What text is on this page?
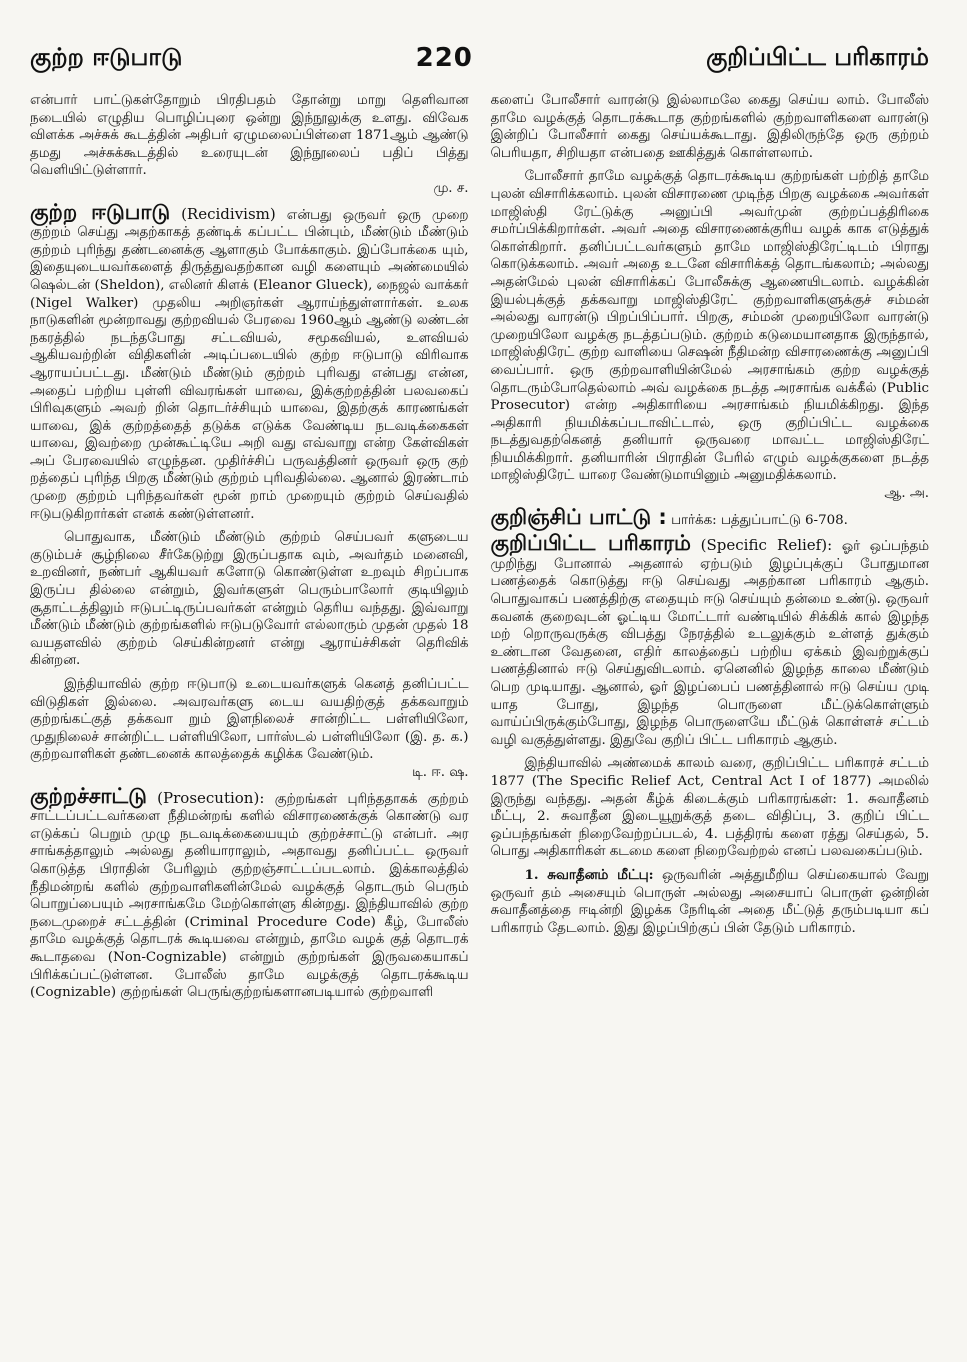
குற்ற ஈடுபாடு	220	குறிப்பிட்ட பரிகாரம்

என்பார் பாட்டுகள்தோறும் பிரதிபதம் தோன்று மாறு தெளிவான நடையில் எழுதிய பொழிப்புரை ஒன்று இந்நூலுக்கு உளது. விவேக விளக்க அச்சுக் கூடத்தின் அதிபர் ஏழுமலைப்பிள்ளை 1871ஆம் ஆண்டு தமது அச்சுக்கூடத்தில் உரையுடன் இந்நூலைப் பதிப் பித்து வெளியிட்டுள்ளார்.
மு. ச.

குற்ற ஈடுபாடு (Recidivism) என்பது ஒருவர் ஒரு முறை குற்றம் செய்து அதற்காகத் தண்டிக் கப்பட்ட பின்பும், மீண்டும் மீண்டும் குற்றம் புரிந்து தண்டனைக்கு ஆளாகும் போக்காகும். இப்போக்கை யும், இதையுடையவர்களைத் திருத்துவதற்கான வழி களையும் அண்மையில் ஷெல்டன் (Sheldon), எலினர் கிளக் (Eleanor Glueck), நைஜல் வாக்கர் (Nigel Walker) முதலிய அறிஞர்கள் ஆராய்ந்துள்ளார்கள். உலக நாடுகளின் மூன்றாவது குற்றவியல் பேரவை 1960ஆம் ஆண்டு லண்டன் நகரத்தில் நடந்தபோது சட்டவியல், சமூகவியல், உளவியல் ஆகியவற்றின் விதிகளின் அடிப்படையில் குற்ற ஈடுபாடு விரிவாக ஆராயப்பட்டது. மீண்டும் மீண்டும் குற்றம் புரிவது என்பது என்ன, அதைப் பற்றிய புள்ளி விவரங்கள் யாவை, இக்குற்றத்தின் பலவகைப் பிரிவுகளும் அவற் றின் தொடர்ச்சியும் யாவை, இதற்குக் காரணங்கள் யாவை, இக் குற்றத்தைத் தடுக்க எடுக்க வேண்டிய நடவடிக்கைகள் யாவை, இவற்றை முன்கூட்டியே அறி வது எவ்வாறு என்ற கேள்விகள் அப் பேரவையில் எழுந்தன. முதிர்ச்சிப் பருவத்தினர் ஒருவர் ஒரு குற் றத்தைப் புரிந்த பிறகு மீண்டும் குற்றம் புரிவதில்லை. ஆனால் இரண்டாம் முறை குற்றம் புரிந்தவர்கள் மூன் றாம் முறையும் குற்றம் செய்வதில் ஈடுபடுகிறார்கள் எனக் கண்டுள்ளனர்.

பொதுவாக, மீண்டும் மீண்டும் குற்றம் செய்பவர் களுடைய குடும்பச் சூழ்நிலை சீர்கேடுற்று இருப்பதாக வும், அவர்தம் மனைவி, உறவினர், நண்பர் ஆகியவர் களோடு கொண்டுள்ள உறவும் சிறப்பாக இருப்ப தில்லை என்றும், இவர்களுள் பெரும்பாலோர் குடியிலும் சூதாட்டத்திலும் ஈடுபட்டிருப்பவர்கள் என்றும் தெரிய வந்தது. இவ்வாறு மீண்டும் மீண்டும் குற்றங்களில் ஈடுபடுவோர் எல்லாரும் முதன் முதல் 18 வயதளவில் குற்றம் செய்கின்றனர் என்று ஆராய்ச்சிகள் தெரிவிக் கின்றன.

இந்தியாவில் குற்ற ஈடுபாடு உடையவர்களுக் கெனத் தனிப்பட்ட விடுதிகள் இல்லை. அவரவர்களு டைய வயதிற்குத் தக்கவாறும் குற்றங்கட்குத் தக்கவா றும் இளநிலைச் சான்றிட்ட பள்ளியிலோ, முதுநிலைச் சான்றிட்ட பள்ளியிலோ, பார்ஸ்டல் பள்ளியிலோ (இ. த. க.) குற்றவாளிகள் தண்டனைக் காலத்தைக் கழிக்க வேண்டும்.
டி. ஈ. ஷ.

குற்றச்சாட்டு (Prosecution): குற்றங்கள் புரிந்ததாகக் குற்றம் சாட்டப்பட்டவர்களை நீதிமன்றங் களில் விசாரணைக்குக் கொண்டு வர எடுக்கப் பெறும் முழு நடவடிக்கையையும் குற்றச்சாட்டு என்பர். அர சாங்கத்தாலும் அல்லது தனியாராலும், அதாவது தனிப்பட்ட ஒருவர் கொடுத்த பிராதின் பேரிலும் குற்றஞ்சாட்டப்படலாம். இக்காலத்தில் நீதிமன்றங் களில் குற்றவாளிகளின்மேல் வழக்குத் தொடரும் பெரும் பொறுப்பையும் அரசாங்கமே மேற்கொள்ளு கின்றது. இந்தியாவில் குற்ற நடைமுறைச் சட்டத்தின் (Criminal Procedure Code) கீழ், போலீஸ் தாமே வழக்குத் தொடரக் கூடியவை என்றும், தாமே வழக் குத் தொடரக் கூடாதவை (Non-Cognizable) என்றும் குற்றங்கள் இருவகையாகப் பிரிக்கப்பட்டுள்ளன. போலீஸ் தாமே வழக்குத் தொடரக்கூடிய (Cognizable) குற்றங்கள் பெருங்குற்றங்களானபடியால் குற்றவாளி

களைப் போலீசார் வாரன்டு இல்லாமலே கைது செய்ய லாம். போலீஸ் தாமே வழக்குத் தொடரக்கூடாத குற்றங்களில் குற்றவாளிகளை வாரன்டு இன்றிப் போலீசார் கைது செய்யக்கூடாது. இதிலிருந்தே ஒரு குற்றம் பெரியதா, சிறியதா என்பதை ஊகித்துக் கொள்ளலாம்.

போலீசார் தாமே வழக்குத் தொடரக்கூடிய குற்றங்கள் பற்றித் தாமே புலன் விசாரிக்கலாம். புலன் விசாரணை முடிந்த பிறகு வழக்கை அவர்கள் மாஜிஸ்தி ரேட்டுக்கு அனுப்பி அவர்முன் குற்றப்பத்திரிகை சமர்ப்பிக்கிறார்கள். அவர் அதை விசாரணைக்குரிய வழக் காக எடுத்துக் கொள்கிறார். தனிப்பட்டவர்களும் தாமே மாஜிஸ்திரேட்டிடம் பிராது கொடுக்கலாம். அவர் அதை உடனே விசாரிக்கத் தொடங்கலாம்; அல்லது அதன்மேல் புலன் விசாரிக்கப் போலீசுக்கு ஆணையிடலாம். வழக்கின் இயல்புக்குத் தக்கவாறு மாஜிஸ்திரேட் குற்றவாளிகளுக்குச் சம்மன் அல்லது வாரன்டு பிறப்பிப்பார். பிறகு, சம்மன் முறையிலோ வாரன்டு முறையிலோ வழக்கு நடத்தப்படும். குற்றம் கடுமையானதாக இருந்தால், மாஜிஸ்திரேட் குற்ற வாளியை செஷன் நீதிமன்ற விசாரணைக்கு அனுப்பி வைப்பார். ஒரு குற்றவாளியின்மேல் அரசாங்கம் குற்ற வழக்குத் தொடரும்போதெல்லாம் அவ் வழக்கை நடத்த அரசாங்க வக்கீல் (Public Prosecutor) என்ற அதிகாரியை அரசாங்கம் நியமிக்கிறது. இந்த அதிகாரி நியமிக்கப்படாவிட்டால், ஒரு குறிப்பிட்ட வழக்கை நடத்துவதற்கெனத் தனியார் ஒருவரை மாவட்ட மாஜிஸ்திரேட் நியமிக்கிறார். தனியாரின் பிராதின் பேரில் எழும் வழக்குகளை நடத்த மாஜிஸ்திரேட் யாரை வேண்டுமாயினும் அனுமதிக்கலாம்.
ஆ. அ.

குறிஞ்சிப் பாட்டு : பார்க்க: பத்துப்பாட்டு 6-708.

குறிப்பிட்ட பரிகாரம் (Specific Relief): ஓர் ஒப்பந்தம் முறிந்து போனால் அதனால் ஏற்படும் இழப்புக்குப் போதுமான பணத்தைக் கொடுத்து ஈடு செய்வது அதற்கான பரிகாரம் ஆகும். பொதுவாகப் பணத்திற்கு எதையும் ஈடு செய்யும் தன்மை உண்டு. ஒருவர் கவனக் குறைவுடன் ஓட்டிய மோட்டார் வண்டியில் சிக்கிக் கால் இழந்த மற் றொருவருக்கு விபத்து நேரத்தில் உடலுக்கும் உள்ளத் துக்கும் உண்டான வேதனை, எதிர் காலத்தைப் பற்றிய ஏக்கம் இவற்றுக்குப் பணத்தினால் ஈடு செய்துவிடலாம். ஏனெனில் இழந்த காலை மீண்டும் பெற முடியாது. ஆனால், ஓர் இழப்பைப் பணத்தினால் ஈடு செய்ய முடி யாத போது, இழந்த பொருளை மீட்டுக்கொள்ளும் வாய்ப்பிருக்கும்போது, இழந்த பொருளையே மீட்டுக் கொள்ளச் சட்டம் வழி வகுத்துள்ளது. இதுவே குறிப் பிட்ட பரிகாரம் ஆகும்.

இந்தியாவில் அண்மைக் காலம் வரை, குறிப்பிட்ட பரிகாரச் சட்டம் 1877 (The Specific Relief Act, Central Act I of 1877) அமலில் இருந்து வந்தது. அதன் கீழ்க் கிடைக்கும் பரிகாரங்கள்: 1. சுவாதீனம் மீட்பு, 2. சுவாதீன இடையூறுக்குத் தடை விதிப்பு, 3. குறிப் பிட்ட ஒப்பந்தங்கள் நிறைவேற்றப்படல், 4. பத்திரங் களை ரத்து செய்தல், 5. பொது அதிகாரிகள் கடமை களை நிறைவேற்றல் எனப் பலவகைப்படும்.

1. சுவாதீனம் மீட்பு: ஒருவரின் அத்துமீறிய செய்கையால் வேறு ஒருவர் தம் அசையும் பொருள் அல்லது அசையாப் பொருள் ஒன்றின் சுவாதீனத்தை ஈடின்றி இழக்க நேரிடின் அதை மீட்டுத் தரும்படியா கப் பரிகாரம் தேடலாம். இது இழப்பிற்குப் பின் தேடும் பரிகாரம்.
